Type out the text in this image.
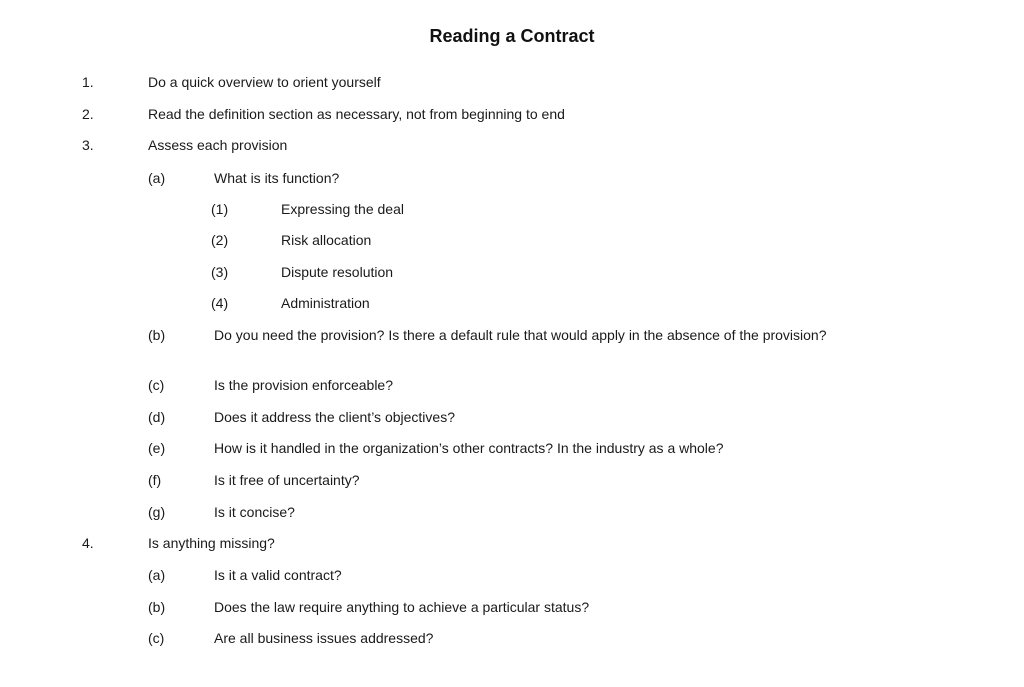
Reading a Contract
1.	Do a quick overview to orient yourself
2.	Read the definition section as necessary, not from beginning to end
3.	Assess each provision
(a)	What is its function?
(1)	Expressing the deal
(2)	Risk allocation
(3)	Dispute resolution
(4)	Administration
(b)	Do you need the provision? Is there a default rule that would apply in the absence of the provision?
(c)	Is the provision enforceable?
(d)	Does it address the client’s objectives?
(e)	How is it handled in the organization’s other contracts? In the industry as a whole?
(f)	Is it free of uncertainty?
(g)	Is it concise?
4.	Is anything missing?
(a)	Is it a valid contract?
(b)	Does the law require anything to achieve a particular status?
(c)	Are all business issues addressed?
